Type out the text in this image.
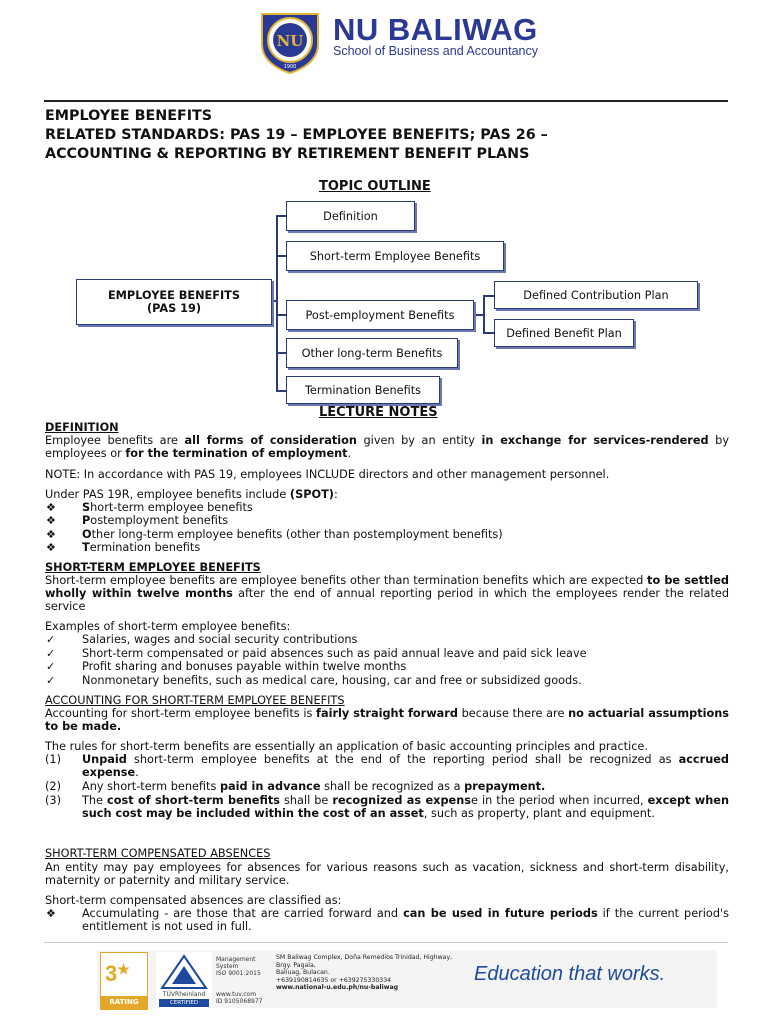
NU
1900
NU BALIWAG
School of Business and Accountancy
EMPLOYEE BENEFITS
RELATED STANDARDS: PAS 19 – EMPLOYEE BENEFITS; PAS 26 –
ACCOUNTING & REPORTING BY RETIREMENT BENEFIT PLANS
TOPIC OUTLINE
EMPLOYEE BENEFITS
(PAS 19)
Definition
Short-term Employee Benefits
Post-employment Benefits
Other long-term Benefits
Termination Benefits
Defined Contribution Plan
Defined Benefit Plan
LECTURE NOTES
DEFINITION
Employee benefits are all forms of consideration given by an entity in exchange for services-rendered by employees or for the termination of employment.
NOTE: In accordance with PAS 19, employees INCLUDE directors and other management personnel.
Under PAS 19R, employee benefits include (SPOT):
❖ Short-term employee benefits
❖ Postemployment benefits
❖ Other long-term employee benefits (other than postemployment benefits)
❖ Termination benefits
SHORT-TERM EMPLOYEE BENEFITS
Short-term employee benefits are employee benefits other than termination benefits which are expected to be settled wholly within twelve months after the end of annual reporting period in which the employees render the related service
Examples of short-term employee benefits:
✓ Salaries, wages and social security contributions
✓ Short-term compensated or paid absences such as paid annual leave and paid sick leave
✓ Profit sharing and bonuses payable within twelve months
✓ Nonmonetary benefits, such as medical care, housing, car and free or subsidized goods.
ACCOUNTING FOR SHORT-TERM EMPLOYEE BENEFITS
Accounting for short-term employee benefits is fairly straight forward because there are no actuarial assumptions to be made.
The rules for short-term benefits are essentially an application of basic accounting principles and practice.
(1) Unpaid short-term employee benefits at the end of the reporting period shall be recognized as accrued expense.
(2) Any short-term benefits paid in advance shall be recognized as a prepayment.
(3) The cost of short-term benefits shall be recognized as expense in the period when incurred, except when such cost may be included within the cost of an asset, such as property, plant and equipment.
SHORT-TERM COMPENSATED ABSENCES
An entity may pay employees for absences for various reasons such as vacation, sickness and short-term disability, maternity or paternity and military service.
Short-term compensated absences are classified as:
❖ Accumulating - are those that are carried forward and can be used in future periods if the current period's entitlement is not used in full.
3★
RATING
TÜVRheinland
CERTIFIED
Management
System
ISO 9001:2015
www.tuv.com
ID 9105068977
SM Baliwag Complex, Doña Remedios Trinidad, Highway,
Brgy. Pagala,
Baliuag, Bulacan.
+639190814635 or +639275330334
www.national-u.edu.ph/nu-baliwag
Education that works.
